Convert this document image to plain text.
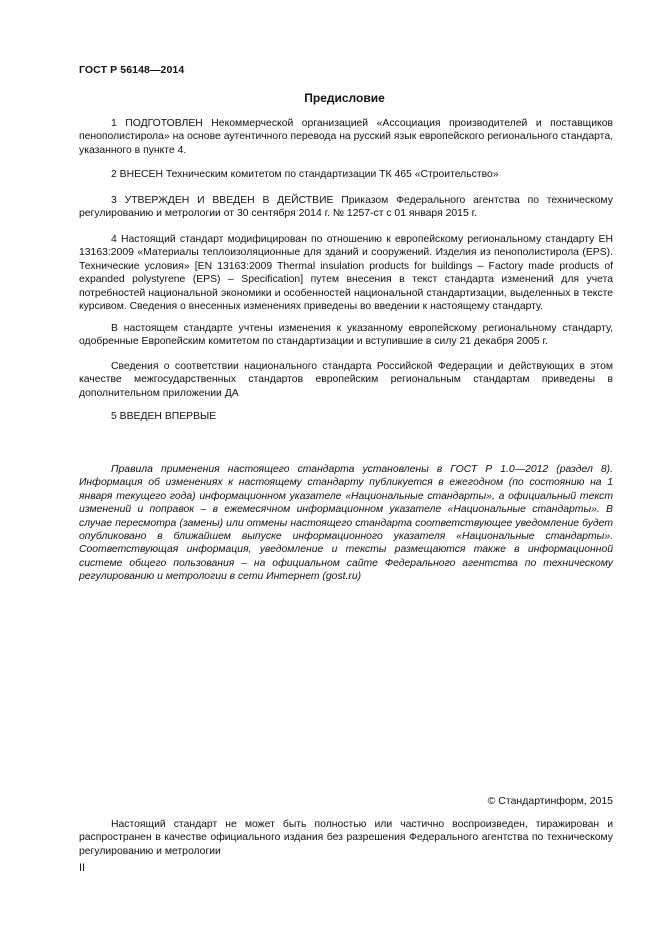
ГОСТ Р 56148—2014
Предисловие

1 ПОДГОТОВЛЕН Некоммерческой организацией «Ассоциация производителей и поставщиков пенополистирола» на основе аутентичного перевода на русский язык европейского регионального стандарта, указанного в пункте 4.

2 ВНЕСЕН Техническим комитетом по стандартизации ТК 465 «Строительство»

3 УТВЕРЖДЕН И ВВЕДЕН В ДЕЙСТВИЕ Приказом Федерального агентства по техническому регулированию и метрологии от 30 сентября 2014 г. № 1257-ст с 01 января 2015 г.

4 Настоящий стандарт модифицирован по отношению к европейскому региональному стандарту ЕН 13163:2009 «Материалы теплоизоляционные для зданий и сооружений. Изделия из пенополистирола (EPS). Технические условия» [EN 13163:2009 Thermal insulation products for buildings – Factory made products of expanded polystyrene (EPS) – Specification] путем внесения в текст стандарта изменений для учета потребностей национальной экономики и особенностей национальной стандартизации, выделенных в тексте курсивом. Сведения о внесенных изменениях приведены во введении к настоящему стандарту.

В настоящем стандарте учтены изменения к указанному европейскому региональному стандарту, одобренные Европейским комитетом по стандартизации и вступившие в силу 21 декабря 2005 г.

Сведения о соответствии национального стандарта Российской Федерации и действующих в этом качестве межгосударственных стандартов европейским региональным стандартам приведены в дополнительном приложении ДА

5 ВВЕДЕН ВПЕРВЫЕ

Правила применения настоящего стандарта установлены в ГОСТ Р 1.0—2012 (раздел 8). Информация об изменениях к настоящему стандарту публикуется в ежегодном (по состоянию на 1 января текущего года) информационном указателе «Национальные стандарты», а официальный текст изменений и поправок – в ежемесячном информационном указателе «Национальные стандарты». В случае пересмотра (замены) или отмены настоящего стандарта соответствующее уведомление будет опубликовано в ближайшем выпуске информационного указателя «Национальные стандарты». Соответствующая информация, уведомление и тексты размещаются также в информационной системе общего пользования – на официальном сайте Федерального агентства по техническому регулированию и метрологии в сети Интернет (gost.ru)

© Стандартинформ, 2015

Настоящий стандарт не может быть полностью или частично воспроизведен, тиражирован и распространен в качестве официального издания без разрешения Федерального агентства по техническому регулированию и метрологии

II
